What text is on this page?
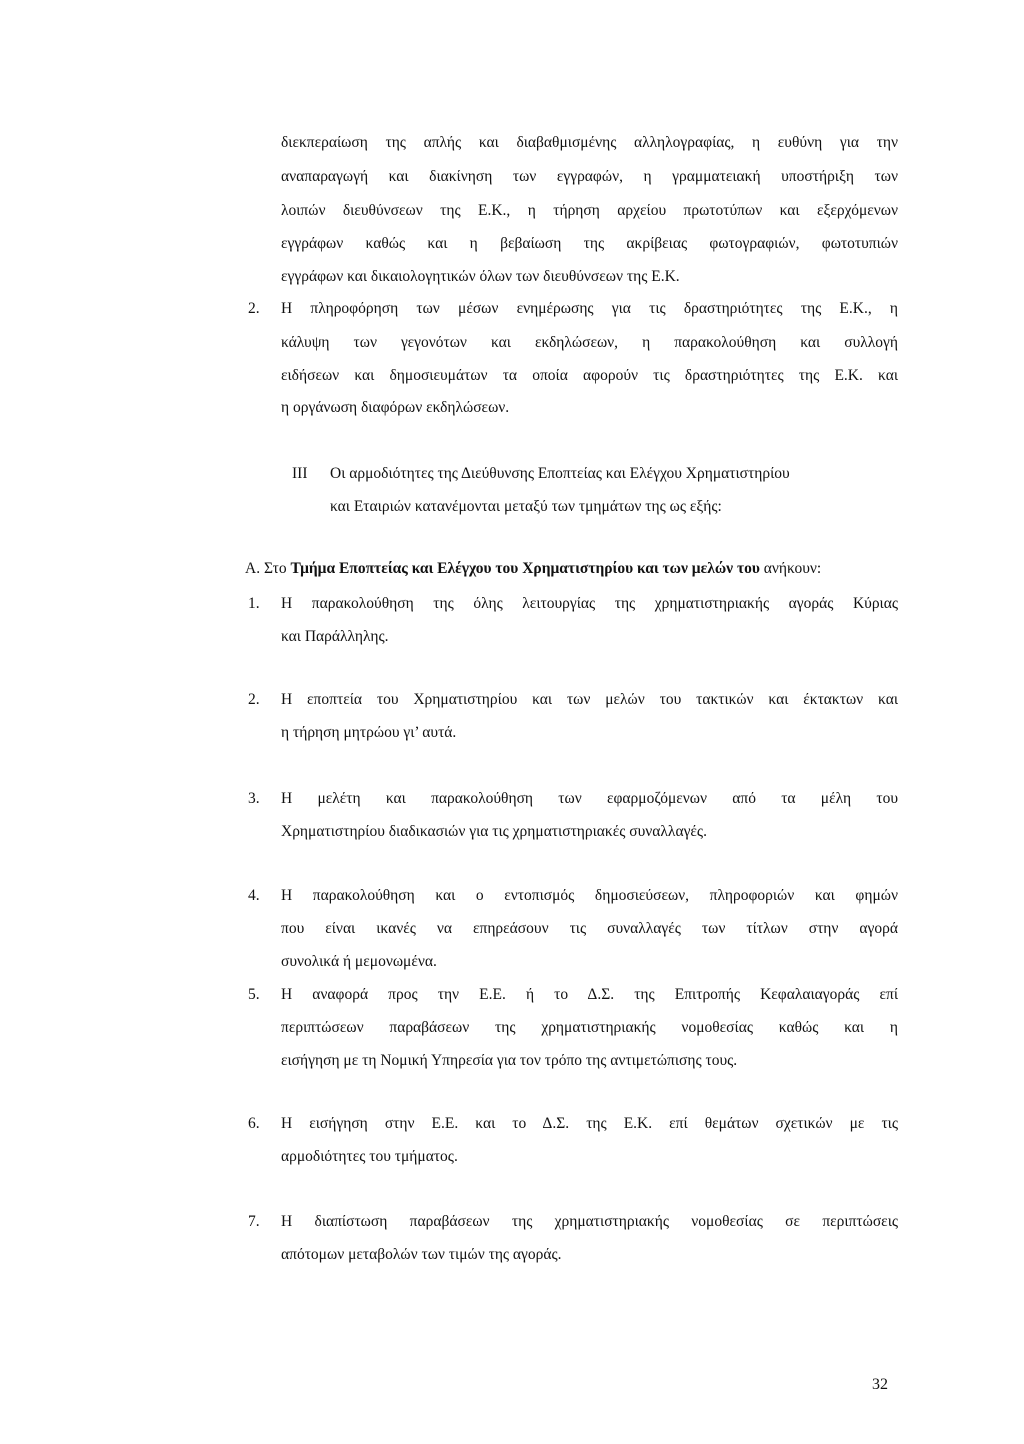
διεκπεραίωση της απλής και διαβαθμισμένης αλληλογραφίας, η ευθύνη για την
αναπαραγωγή και διακίνηση των εγγραφών, η γραμματειακή υποστήριξη των
λοιπών διευθύνσεων της Ε.Κ., η τήρηση αρχείου πρωτοτύπων και εξερχόμενων
εγγράφων καθώς και η βεβαίωση της ακρίβειας φωτογραφιών, φωτοτυπιών
εγγράφων και δικαιολογητικών όλων των διευθύνσεων της Ε.Κ.
2. Η πληροφόρηση των μέσων ενημέρωσης για τις δραστηριότητες της Ε.Κ., η
κάλυψη των γεγονότων και εκδηλώσεων, η παρακολούθηση και συλλογή
ειδήσεων και δημοσιευμάτων τα οποία αφορούν τις δραστηριότητες της Ε.Κ. και
η οργάνωση διαφόρων εκδηλώσεων.
III Οι αρμοδιότητες της Διεύθυνσης Εποπτείας και Ελέγχου Χρηματιστηρίου
και Εταιριών κατανέμονται μεταξύ των τμημάτων της ως εξής:
Α. Στο Τμήμα Εποπτείας και Ελέγχου του Χρηματιστηρίου και των μελών του ανήκουν:
1. Η παρακολούθηση της όλης λειτουργίας της χρηματιστηριακής αγοράς Κύριας
και Παράλληλης.
2. Η εποπτεία του Χρηματιστηρίου και των μελών του τακτικών και έκτακτων και
η τήρηση μητρώου γι’ αυτά.
3. Η μελέτη και παρακολούθηση των εφαρμοζόμενων από τα μέλη του
Χρηματιστηρίου διαδικασιών για τις χρηματιστηριακές συναλλαγές.
4. Η παρακολούθηση και ο εντοπισμός δημοσιεύσεων, πληροφοριών και φημών
που είναι ικανές να επηρεάσουν τις συναλλαγές των τίτλων στην αγορά
συνολικά ή μεμονωμένα.
5. Η αναφορά προς την Ε.Ε. ή το Δ.Σ. της Επιτροπής Κεφαλαιαγοράς επί
περιπτώσεων παραβάσεων της χρηματιστηριακής νομοθεσίας καθώς και η
εισήγηση με τη Νομική Υπηρεσία για τον τρόπο της αντιμετώπισης τους.
6. Η εισήγηση στην Ε.Ε. και το Δ.Σ. της Ε.Κ. επί θεμάτων σχετικών με τις
αρμοδιότητες του τμήματος.
7. Η διαπίστωση παραβάσεων της χρηματιστηριακής νομοθεσίας σε περιπτώσεις
απότομων μεταβολών των τιμών της αγοράς.
32
